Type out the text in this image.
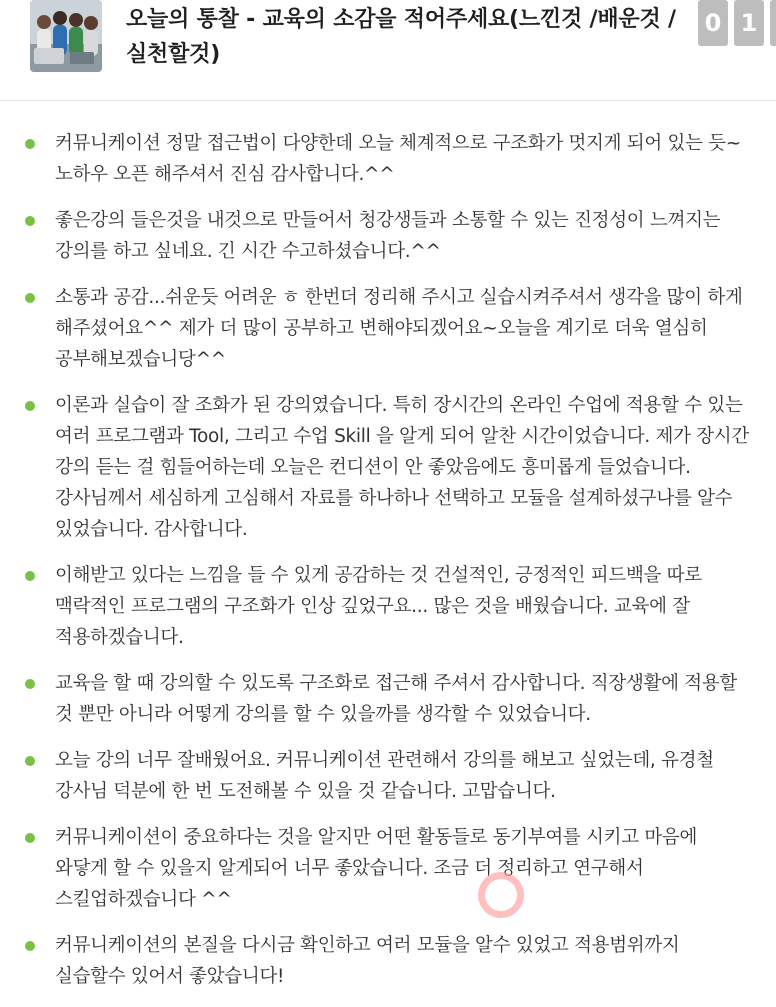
오늘의 통찰 - 교육의 소감을 적어주세요(느낀것 /배운것 /실천할것)
0 1
커뮤니케이션 정말 접근법이 다양한데 오늘 체계적으로 구조화가 멋지게 되어 있는 듯~ 노하우 오픈 해주셔서 진심 감사합니다.^^
좋은강의 들은것을 내것으로 만들어서 청강생들과 소통할 수 있는 진정성이 느껴지는 강의를 하고 싶네요. 긴 시간 수고하셨습니다.^^
소통과 공감...쉬운듯 어려운 ㅎ 한번더 정리해 주시고 실습시켜주셔서 생각을 많이 하게 해주셨어요^^ 제가 더 많이 공부하고 변해야되겠어요~오늘을 계기로 더욱 열심히 공부해보겠습니당^^
이론과 실습이 잘 조화가 된 강의였습니다. 특히 장시간의 온라인 수업에 적용할 수 있는 여러 프로그램과 Tool, 그리고 수업 Skill 을 알게 되어 알찬 시간이었습니다. 제가 장시간 강의 듣는 걸 힘들어하는데 오늘은 컨디션이 안 좋았음에도 흥미롭게 들었습니다. 강사님께서 세심하게 고심해서 자료를 하나하나 선택하고 모듈을 설계하셨구나를 알수 있었습니다. 감사합니다.
이해받고 있다는 느낌을 들 수 있게 공감하는 것 건설적인, 긍정적인 피드백을 따로 맥락적인 프로그램의 구조화가 인상 깊었구요... 많은 것을 배웠습니다. 교육에 잘 적용하겠습니다.
교육을 할 때 강의할 수 있도록 구조화로 접근해 주셔서 감사합니다. 직장생활에 적용할 것 뿐만 아니라 어떻게 강의를 할 수 있을까를 생각할 수 있었습니다.
오늘 강의 너무 잘배웠어요. 커뮤니케이션 관련해서 강의를 해보고 싶었는데, 유경철 강사님 덕분에 한 번 도전해볼 수 있을 것 같습니다. 고맙습니다.
커뮤니케이션이 중요하다는 것을 알지만 어떤 활동들로 동기부여를 시키고 마음에 와닿게 할 수 있을지 알게되어 너무 좋았습니다. 조금 더 정리하고 연구해서 스킬업하겠습니다 ^^
커뮤니케이션의 본질을 다시금 확인하고 여러 모듈을 알수 있었고 적용범위까지 실습할수 있어서 좋았습니다!
